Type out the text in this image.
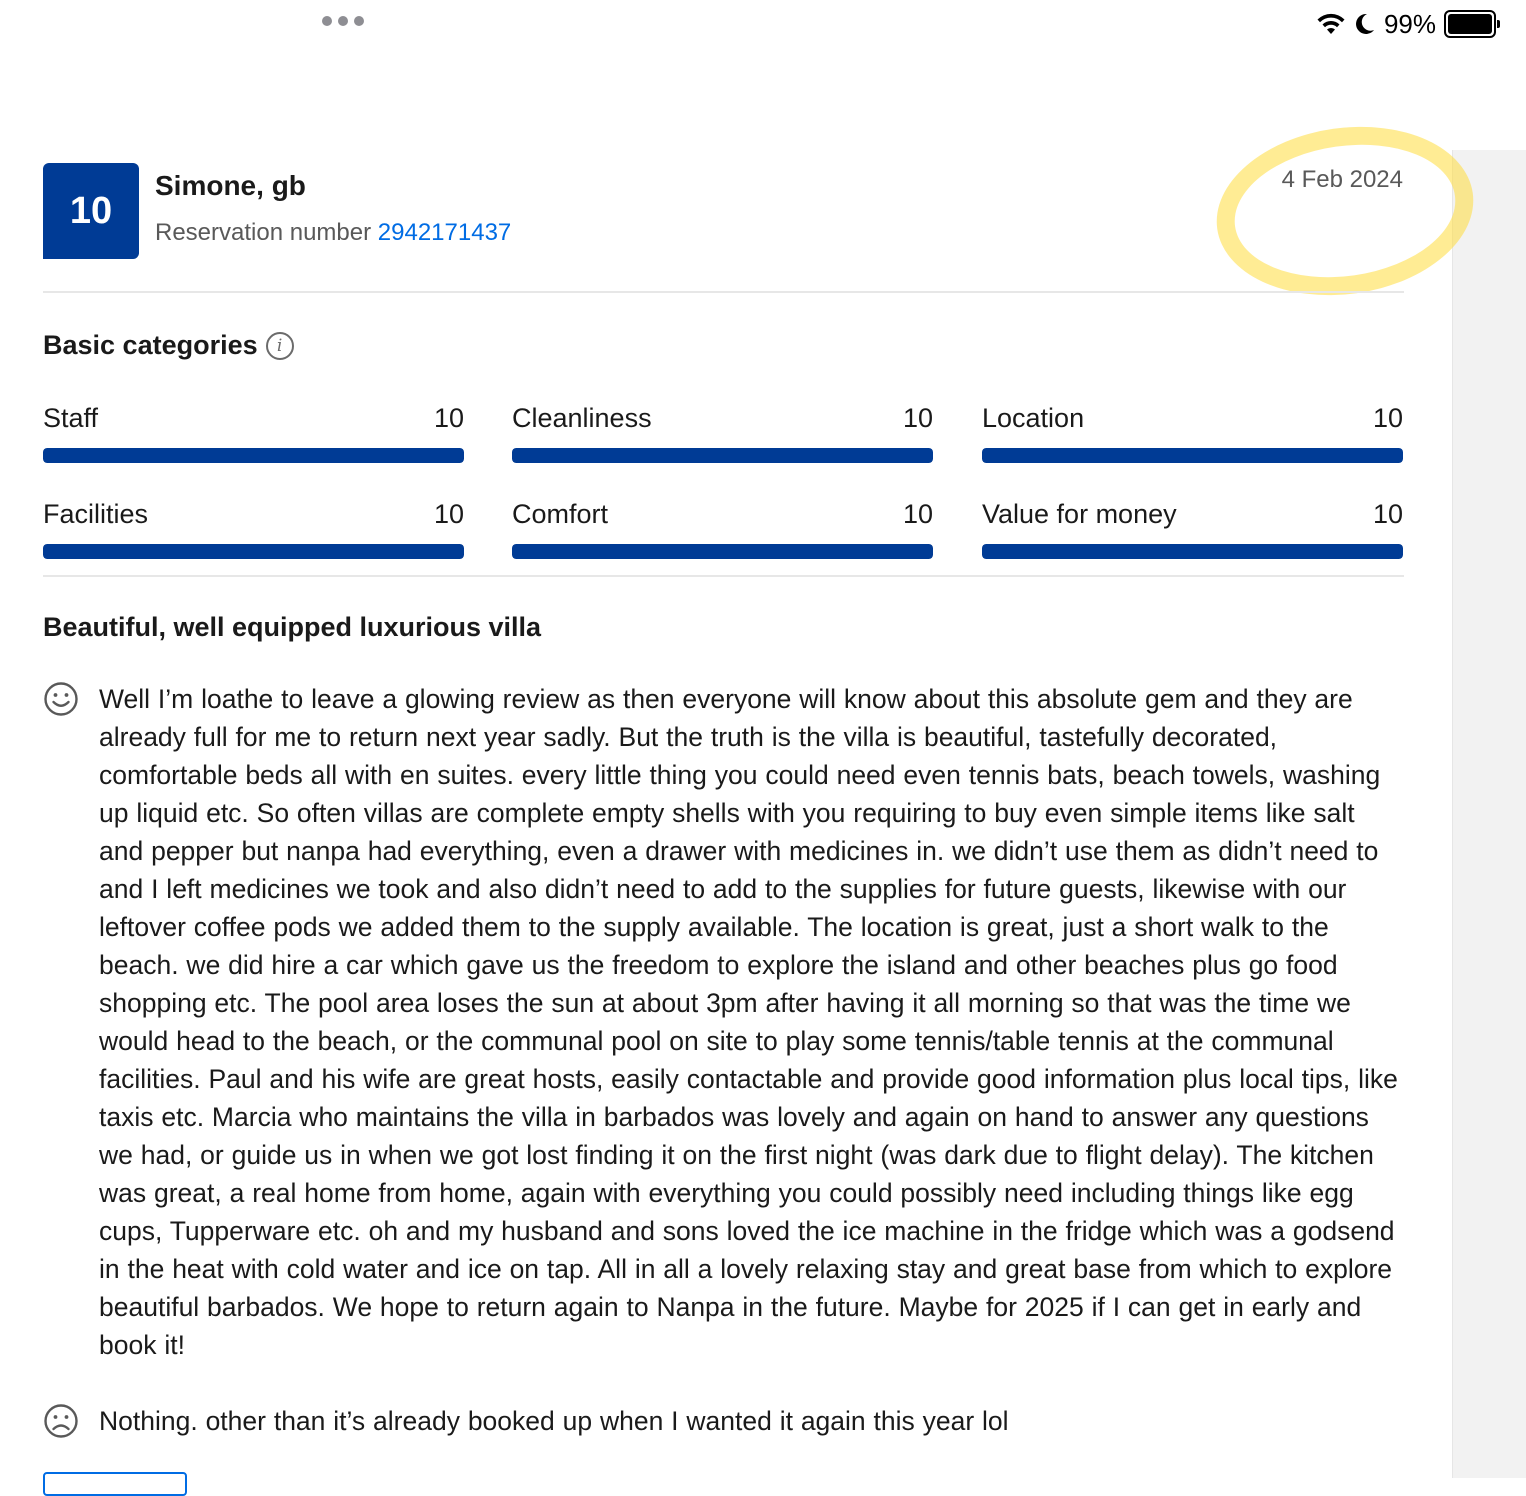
99%
10
Simone, gb
Reservation number 2942171437
4 Feb 2024
Basic categories	i
Staff	10 Cleanliness	10 Location	10
Facilities	10 Comfort	10 Value for money	10
Beautiful, well equipped luxurious villa
Well I’m loathe to leave a glowing review as then everyone will know about this absolute gem and they are already full for me to return next year sadly. But the truth is the villa is beautiful, tastefully decorated, comfortable beds all with en suites. every little thing you could need even tennis bats, beach towels, washing up liquid etc. So often villas are complete empty shells with you requiring to buy even simple items like salt and pepper but nanpa had everything, even a drawer with medicines in. we didn’t use them as didn’t need to and I left medicines we took and also didn’t need to add to the supplies for future guests, likewise with our leftover coffee pods we added them to the supply available. The location is great, just a short walk to the beach. we did hire a car which gave us the freedom to explore the island and other beaches plus go food shopping etc. The pool area loses the sun at about 3pm after having it all morning so that was the time we would head to the beach, or the communal pool on site to play some tennis/table tennis at the communal facilities. Paul and his wife are great hosts, easily contactable and provide good information plus local tips, like taxis etc. Marcia who maintains the villa in barbados was lovely and again on hand to answer any questions we had, or guide us in when we got lost finding it on the first night (was dark due to flight delay). The kitchen was great, a real home from home, again with everything you could possibly need including things like egg cups, Tupperware etc. oh and my husband and sons loved the ice machine in the fridge which was a godsend in the heat with cold water and ice on tap. All in all a lovely relaxing stay and great base from which to explore beautiful barbados. We hope to return again to Nanpa in the future. Maybe for 2025 if I can get in early and book it!
Nothing. other than it’s already booked up when I wanted it again this year lol
